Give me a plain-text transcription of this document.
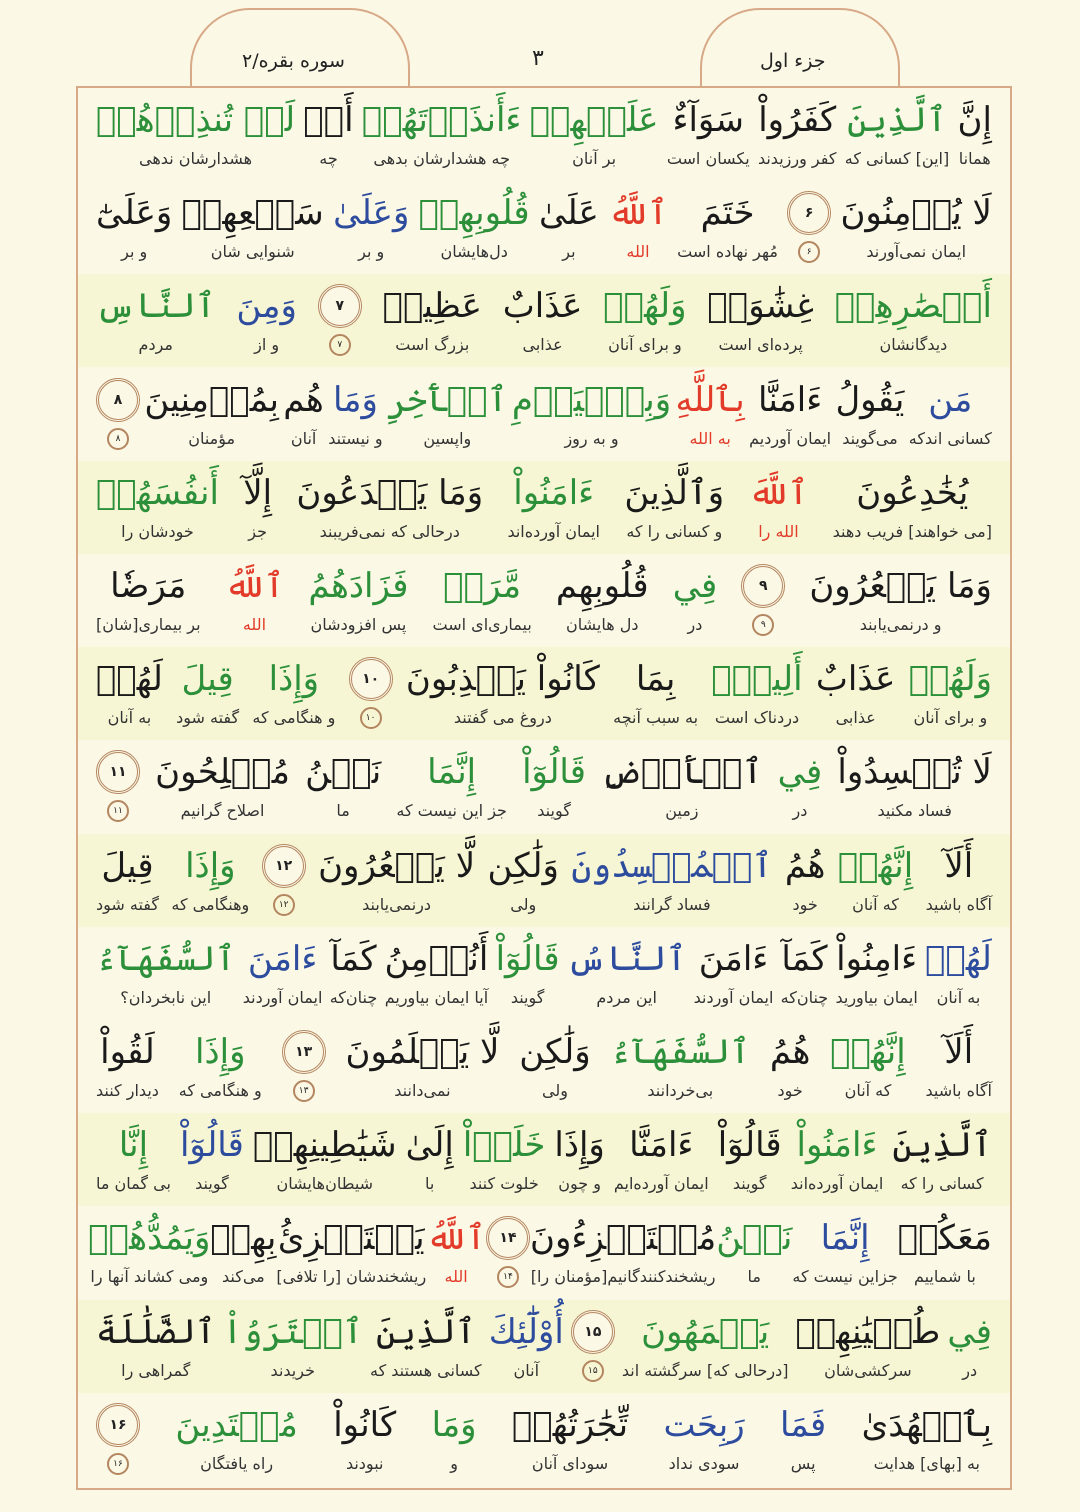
سوره بقره/۲	۳	جزء اول
إِنَّ
همانا
ٱلَّذِينَ
[این] کسانی که
كَفَرُواْ
کفر ورزیدند
سَوَآءٌ
یکسان است
عَلَيۡهِمۡ
بر آنان
ءَأَنذَرۡتَهُمۡ
چه هشدارشان بدهی
أَمۡ
چه
لَمۡ تُنذِرۡهُمۡ
هشدارشان ندهی
لَا يُؤۡمِنُونَ
ایمان نمی‌آورند
۶
۶
خَتَمَ
مُهر نهاده است
ٱللَّهُ
الله
عَلَىٰ
بر
قُلُوبِهِمۡ
دل‌هایشان
وَعَلَىٰ
و بر
سَمۡعِهِمۡ
شنوایی شان
وَعَلَىٰٓ
و بر
أَبۡصَٰرِهِمۡ
دیدگانشان
غِشَٰوَةٞ
پرده‌ای است
وَلَهُمۡ
و برای آنان
عَذَابٌ
عذابی
عَظِيمٞ
بزرگ است
۷
۷
وَمِنَ
و از
ٱلنَّاسِ
مردم
مَن
کسانی اندکه
يَقُولُ
می‌گویند
ءَامَنَّا
ایمان آوردیم
بِٱللَّهِ
به الله
وَبِٱلۡيَوۡمِ
و به روز
ٱلۡأٓخِرِ
واپسین
وَمَا
و نیستند
هُم
آنان
بِمُؤۡمِنِينَ
مؤمنان
۸
۸
يُخَٰدِعُونَ
[می خواهند] فریب دهند
ٱللَّهَ
الله را
وَٱلَّذِينَ
و کسانی را که
ءَامَنُواْ
ایمان آورده‌اند
وَمَا يَخۡدَعُونَ
درحالی که نمی‌فریبند
إِلَّآ
جز
أَنفُسَهُمۡ
خودشان را
وَمَا يَشۡعُرُونَ
و درنمی‌یابند
۹
۹
فِي
در
قُلُوبِهِم
دل هایشان
مَّرَضٞ
بیماری‌ای است
فَزَادَهُمُ
پس افزودشان
ٱللَّهُ
الله
مَرَضٗا
بر بیماری[شان]
وَلَهُمۡ
و برای آنان
عَذَابٌ
عذابی
أَلِيمُۢ
دردناک است
بِمَا
به سبب آنچه
كَانُواْ يَكۡذِبُونَ
دروغ می گفتند
۱۰
۱۰
وَإِذَا
و هنگامی که
قِيلَ
گفته شود
لَهُمۡ
به آنان
لَا تُفۡسِدُواْ
فساد مکنید
فِي
در
ٱلۡأَرۡضِ
زمین
قَالُوٓاْ
گویند
إِنَّمَا
جز این نیست که
نَحۡنُ
ما
مُصۡلِحُونَ
اصلاح گرانیم
۱۱
۱۱
أَلَآ
آگاه باشید
إِنَّهُمۡ
که آنان
هُمُ
خود
ٱلۡمُفۡسِدُونَ
فساد گرانند
وَلَٰكِن
ولی
لَّا يَشۡعُرُونَ
درنمی‌یابند
۱۲
۱۲
وَإِذَا
وهنگامی که
قِيلَ
گفته شود
لَهُمۡ
به آنان
ءَامِنُواْ
ایمان بیاورید
كَمَآ
چنان‌که
ءَامَنَ
ایمان آوردند
ٱلنَّاسُ
این مردم
قَالُوٓاْ
گویند
أَنُؤۡمِنُ
آیا ایمان بیاوریم
كَمَآ
چنان‌که
ءَامَنَ
ایمان آوردند
ٱلسُّفَهَآءُ
این نابخردان؟
أَلَآ
آگاه باشید
إِنَّهُمۡ
که آنان
هُمُ
خود
ٱلسُّفَهَآءُ
بی‌خردانند
وَلَٰكِن
ولی
لَّا يَعۡلَمُونَ
نمی‌دانند
۱۳
۱۳
وَإِذَا
و هنگامی که
لَقُواْ
دیدار کنند
ٱلَّذِينَ
کسانی را که
ءَامَنُواْ
ایمان آورده‌اند
قَالُوٓاْ
گویند
ءَامَنَّا
ایمان آورده‌ایم
وَإِذَا
و چون
خَلَوۡاْ
خلوت کنند
إِلَىٰ
با
شَيَٰطِينِهِمۡ
شیطان‌هایشان
قَالُوٓاْ
گویند
إِنَّا
بی گمان ما
مَعَكُمۡ
با شماییم
إِنَّمَا
جزاین نیست که
نَحۡنُ
ما
مُسۡتَهۡزِءُونَ
ریشخندکنندگانیم[مؤمنان را]
۱۴
۱۴
ٱللَّهُ
الله
يَسۡتَهۡزِئُ
ریشخندشان [را تلافی]
بِهِمۡ
می‌کند
وَيَمُدُّهُمۡ
ومی کشاند آنها را
فِي
در
طُغۡيَٰنِهِمۡ
سرکشی‌شان
يَعۡمَهُونَ
[درحالی که] سرگشته اند
۱۵
۱۵
أُوْلَٰٓئِكَ
آنان
ٱلَّذِينَ
کسانی هستند که
ٱشۡتَرَوُاْ
خریدند
ٱلضَّلَٰلَةَ
گمراهی را
بِٱلۡهُدَىٰ
به [بهای] هدایت
فَمَا
پس
رَبِحَت
سودی نداد
تِّجَٰرَتُهُمۡ
سودای آنان
وَمَا
و
كَانُواْ
نبودند
مُهۡتَدِينَ
راه یافتگان
۱۶
۱۶
